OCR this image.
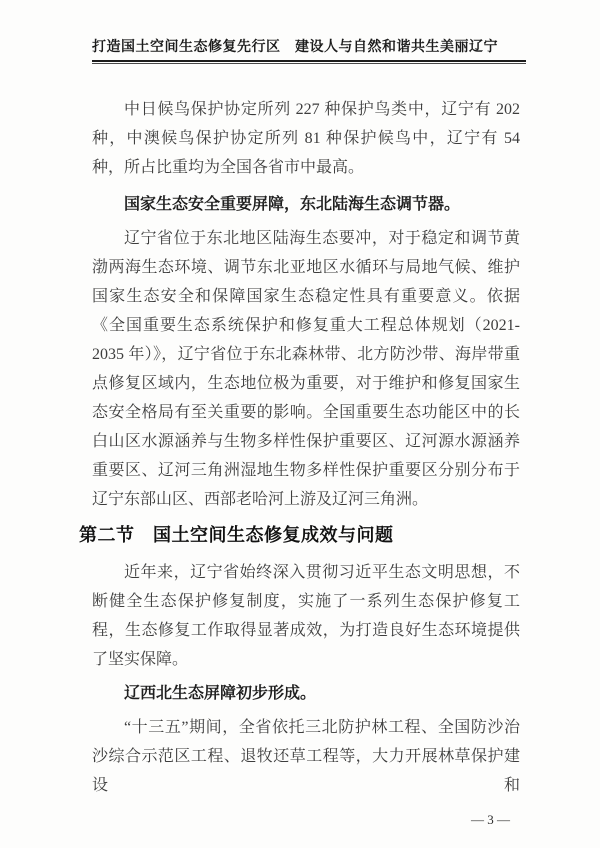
打造国土空间生态修复先行区　建设人与自然和谐共生美丽辽宁

中日候鸟保护协定所列 227 种保护鸟类中，辽宁有 202 种，中澳候鸟保护协定所列 81 种保护候鸟中，辽宁有 54 种，所占比重均为全国各省市中最高。

国家生态安全重要屏障，东北陆海生态调节器。

辽宁省位于东北地区陆海生态要冲，对于稳定和调节黄渤两海生态环境、调节东北亚地区水循环与局地气候、维护国家生态安全和保障国家生态稳定性具有重要意义。依据《全国重要生态系统保护和修复重大工程总体规划（2021-2035 年）》，辽宁省位于东北森林带、北方防沙带、海岸带重点修复区域内，生态地位极为重要，对于维护和修复国家生态安全格局有至关重要的影响。全国重要生态功能区中的长白山区水源涵养与生物多样性保护重要区、辽河源水源涵养重要区、辽河三角洲湿地生物多样性保护重要区分别分布于辽宁东部山区、西部老哈河上游及辽河三角洲。

第二节　国土空间生态修复成效与问题

近年来，辽宁省始终深入贯彻习近平生态文明思想，不断健全生态保护修复制度，实施了一系列生态保护修复工程，生态修复工作取得显著成效，为打造良好生态环境提供了坚实保障。

辽西北生态屏障初步形成。

“十三五”期间，全省依托三北防护林工程、全国防沙治沙综合示范区工程、退牧还草工程等，大力开展林草保护建设和

— 3 —
